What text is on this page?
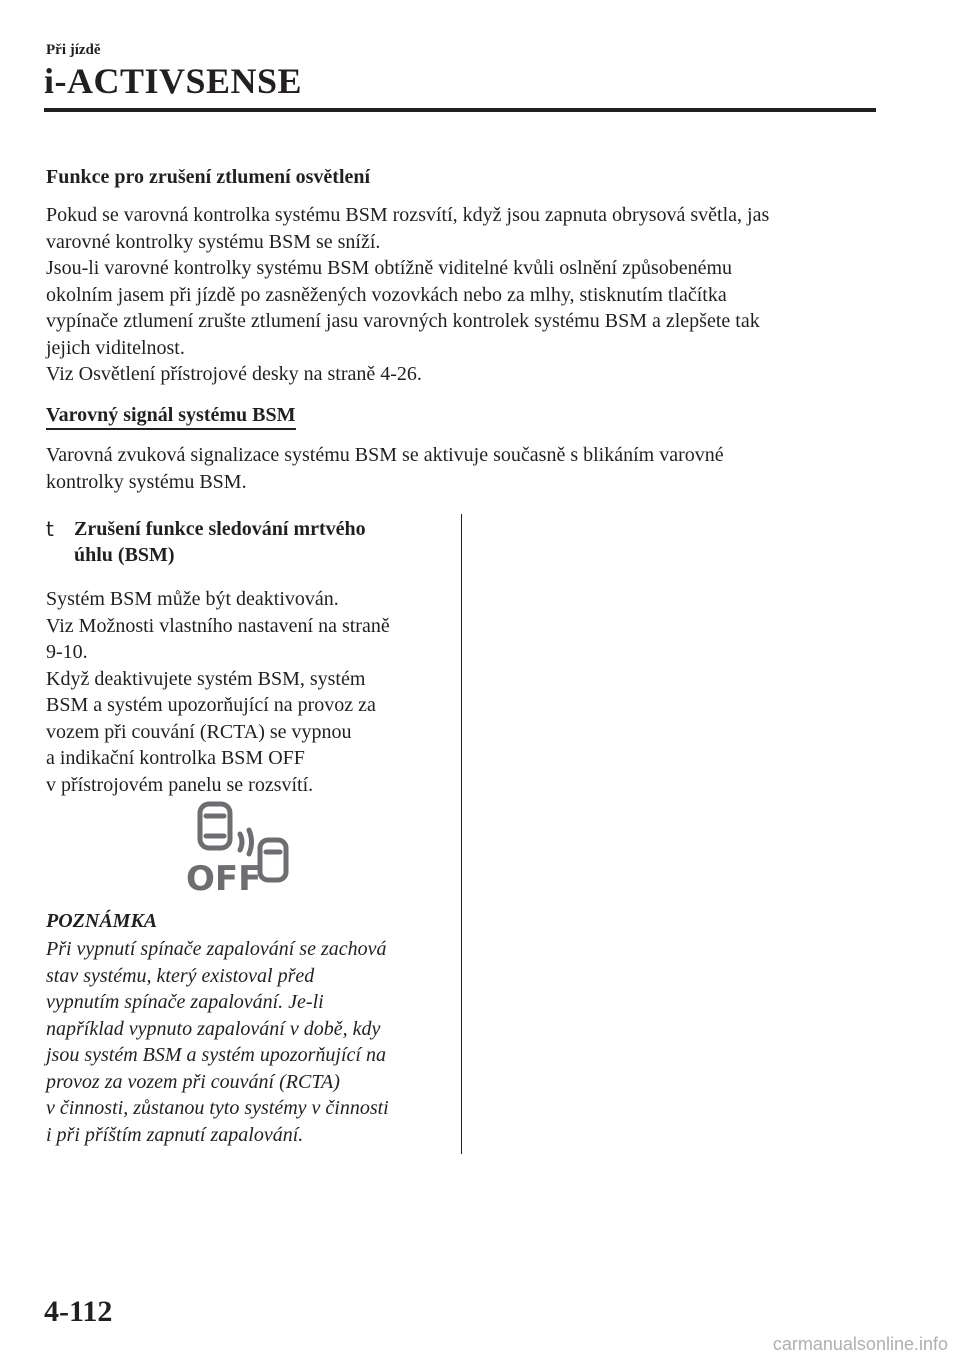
Při jízdě
i-ACTIVSENSE
Funkce pro zrušení ztlumení osvětlení
Pokud se varovná kontrolka systému BSM rozsvítí, když jsou zapnuta obrysová světla, jas
varovné kontrolky systému BSM se sníží.
Jsou-li varovné kontrolky systému BSM obtížně viditelné kvůli oslnění způsobenému
okolním jasem při jízdě po zasněžených vozovkách nebo za mlhy, stisknutím tlačítka
vypínače ztlumení zrušte ztlumení jasu varovných kontrolek systému BSM a zlepšete tak
jejich viditelnost.
Viz Osvětlení přístrojové desky na straně 4-26.
Varovný signál systému BSM
Varovná zvuková signalizace systému BSM se aktivuje současně s blikáním varovné
kontrolky systému BSM.
t Zrušení funkce sledování mrtvého
úhlu (BSM)
Systém BSM může být deaktivován.
Viz Možnosti vlastního nastavení na straně
9-10.
Když deaktivujete systém BSM, systém
BSM a systém upozorňující na provoz za
vozem při couvání (RCTA) se vypnou
a indikační kontrolka BSM OFF
v přístrojovém panelu se rozsvítí.
OFF
POZNÁMKA
Při vypnutí spínače zapalování se zachová
stav systému, který existoval před
vypnutím spínače zapalování. Je-li
například vypnuto zapalování v době, kdy
jsou systém BSM a systém upozorňující na
provoz za vozem při couvání (RCTA)
v činnosti, zůstanou tyto systémy v činnosti
i při příštím zapnutí zapalování.
4-112
carmanualsonline.info
